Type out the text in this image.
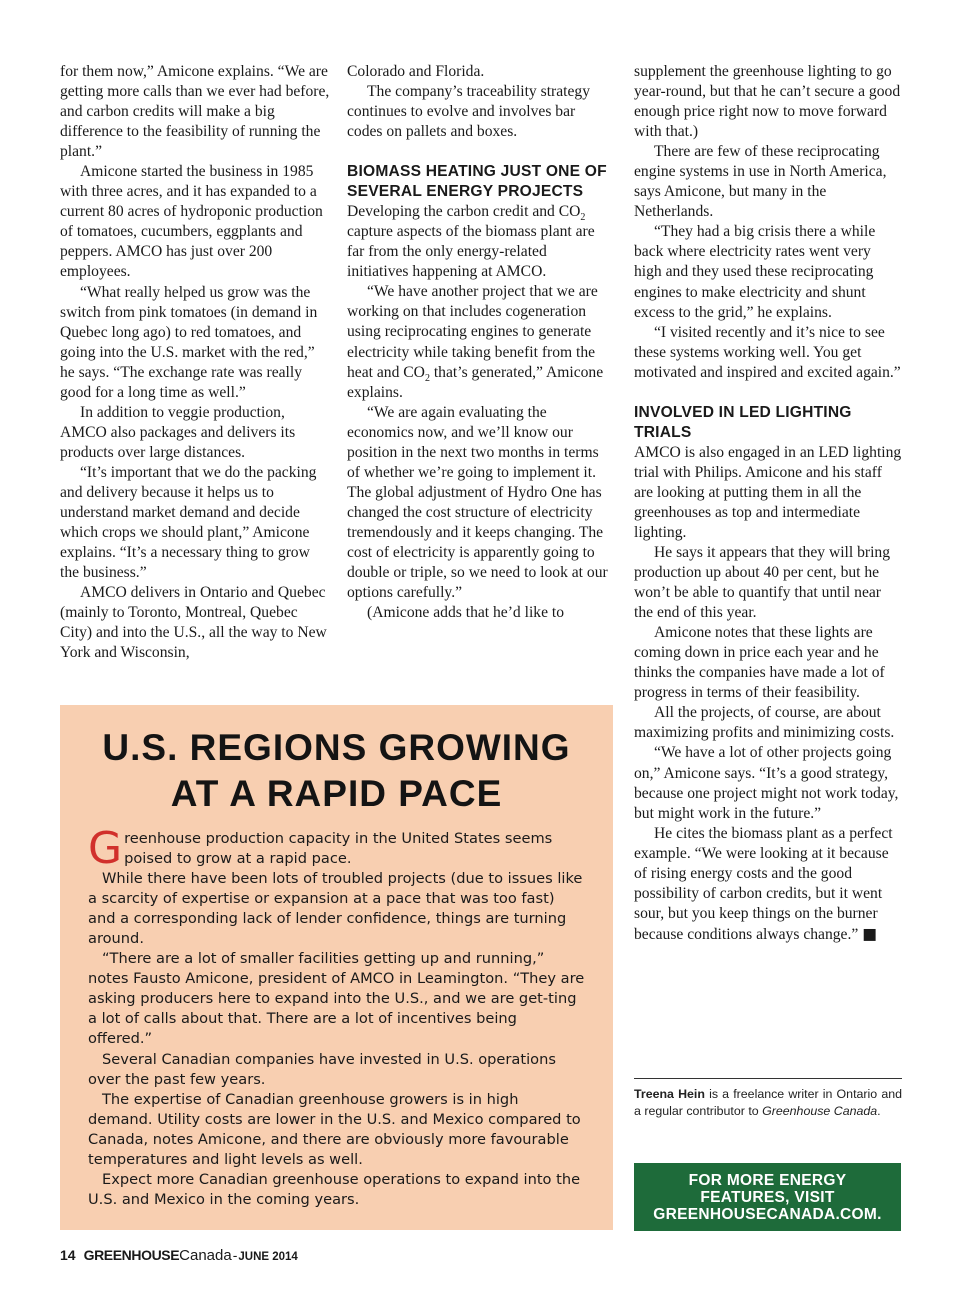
for them now,” Amicone explains. “We are getting more calls than we ever had before, and carbon credits will make a big difference to the feasibility of running the plant.”

Amicone started the business in 1985 with three acres, and it has expanded to a current 80 acres of hydroponic production of tomatoes, cucumbers, eggplants and peppers. AMCO has just over 200 employees.

“What really helped us grow was the switch from pink tomatoes (in demand in Quebec long ago) to red tomatoes, and going into the U.S. market with the red,” he says. “The exchange rate was really good for a long time as well.”

In addition to veggie production, AMCO also packages and delivers its products over large distances.

“It’s important that we do the packing and delivery because it helps us to understand market demand and decide which crops we should plant,” Amicone explains. “It’s a necessary thing to grow the business.”

AMCO delivers in Ontario and Quebec (mainly to Toronto, Montreal, Quebec City) and into the U.S., all the way to New York and Wisconsin,

Colorado and Florida.

The company’s traceability strategy continues to evolve and involves bar codes on pallets and boxes.

BIOMASS HEATING JUST ONE OF SEVERAL ENERGY PROJECTS

Developing the carbon credit and $CO_2$ capture aspects of the biomass plant are far from the only energy-related initiatives happening at AMCO.

“We have another project that we are working on that includes cogeneration using reciprocating engines to generate electricity while taking benefit from the heat and $CO_2$ that’s generated,” Amicone explains.

“We are again evaluating the economics now, and we’ll know our position in the next two months in terms of whether we’re going to implement it. The global adjustment of Hydro One has changed the cost structure of electricity tremendously and it keeps changing. The cost of electricity is apparently going to double or triple, so we need to look at our options carefully.”

(Amicone adds that he’d like to

supplement the greenhouse lighting to go year-round, but that he can’t secure a good enough price right now to move forward with that.)

There are few of these reciprocating engine systems in use in North America, says Amicone, but many in the Netherlands.

“They had a big crisis there a while back where electricity rates went very high and they used these reciprocating engines to make electricity and shunt excess to the grid,” he explains.

“I visited recently and it’s nice to see these systems working well. You get motivated and inspired and excited again.”

INVOLVED IN LED LIGHTING TRIALS

AMCO is also engaged in an LED lighting trial with Philips. Amicone and his staff are looking at putting them in all the greenhouses as top and intermediate lighting.

He says it appears that they will bring production up about 40 per cent, but he won’t be able to quantify that until near the end of this year.

Amicone notes that these lights are coming down in price each year and he thinks the companies have made a lot of progress in terms of their feasibility.

All the projects, of course, are about maximizing profits and minimizing costs.

“We have a lot of other projects going on,” Amicone says. “It’s a good strategy, because one project might not work today, but might work in the future.”

He cites the biomass plant as a perfect example. “We were looking at it because of rising energy costs and the good possibility of carbon credits, but it went sour, but you keep things on the burner because conditions always change.” ■

U.S. REGIONS GROWING
AT A RAPID PACE

Greenhouse production capacity in the United States seems poised to grow at a rapid pace.

While there have been lots of troubled projects (due to issues like a scarcity of expertise or expansion at a pace that was too fast) and a corresponding lack of lender confidence, things are turning around.

“There are a lot of smaller facilities getting up and running,” notes Fausto Amicone, president of AMCO in Leamington. “They are asking producers here to expand into the U.S., and we are get-ting a lot of calls about that. There are a lot of incentives being offered.”

Several Canadian companies have invested in U.S. operations over the past few years.

The expertise of Canadian greenhouse growers is in high demand. Utility costs are lower in the U.S. and Mexico compared to Canada, notes Amicone, and there are obviously more favourable temperatures and light levels as well.

Expect more Canadian greenhouse operations to expand into the U.S. and Mexico in the coming years.

Treena Hein is a freelance writer in Ontario and a regular contributor to Greenhouse Canada.
FOR MORE ENERGY
FEATURES, VISIT
GREENHOUSECANADA.COM.
14 GREENHOUSE Canada - JUNE 2014
